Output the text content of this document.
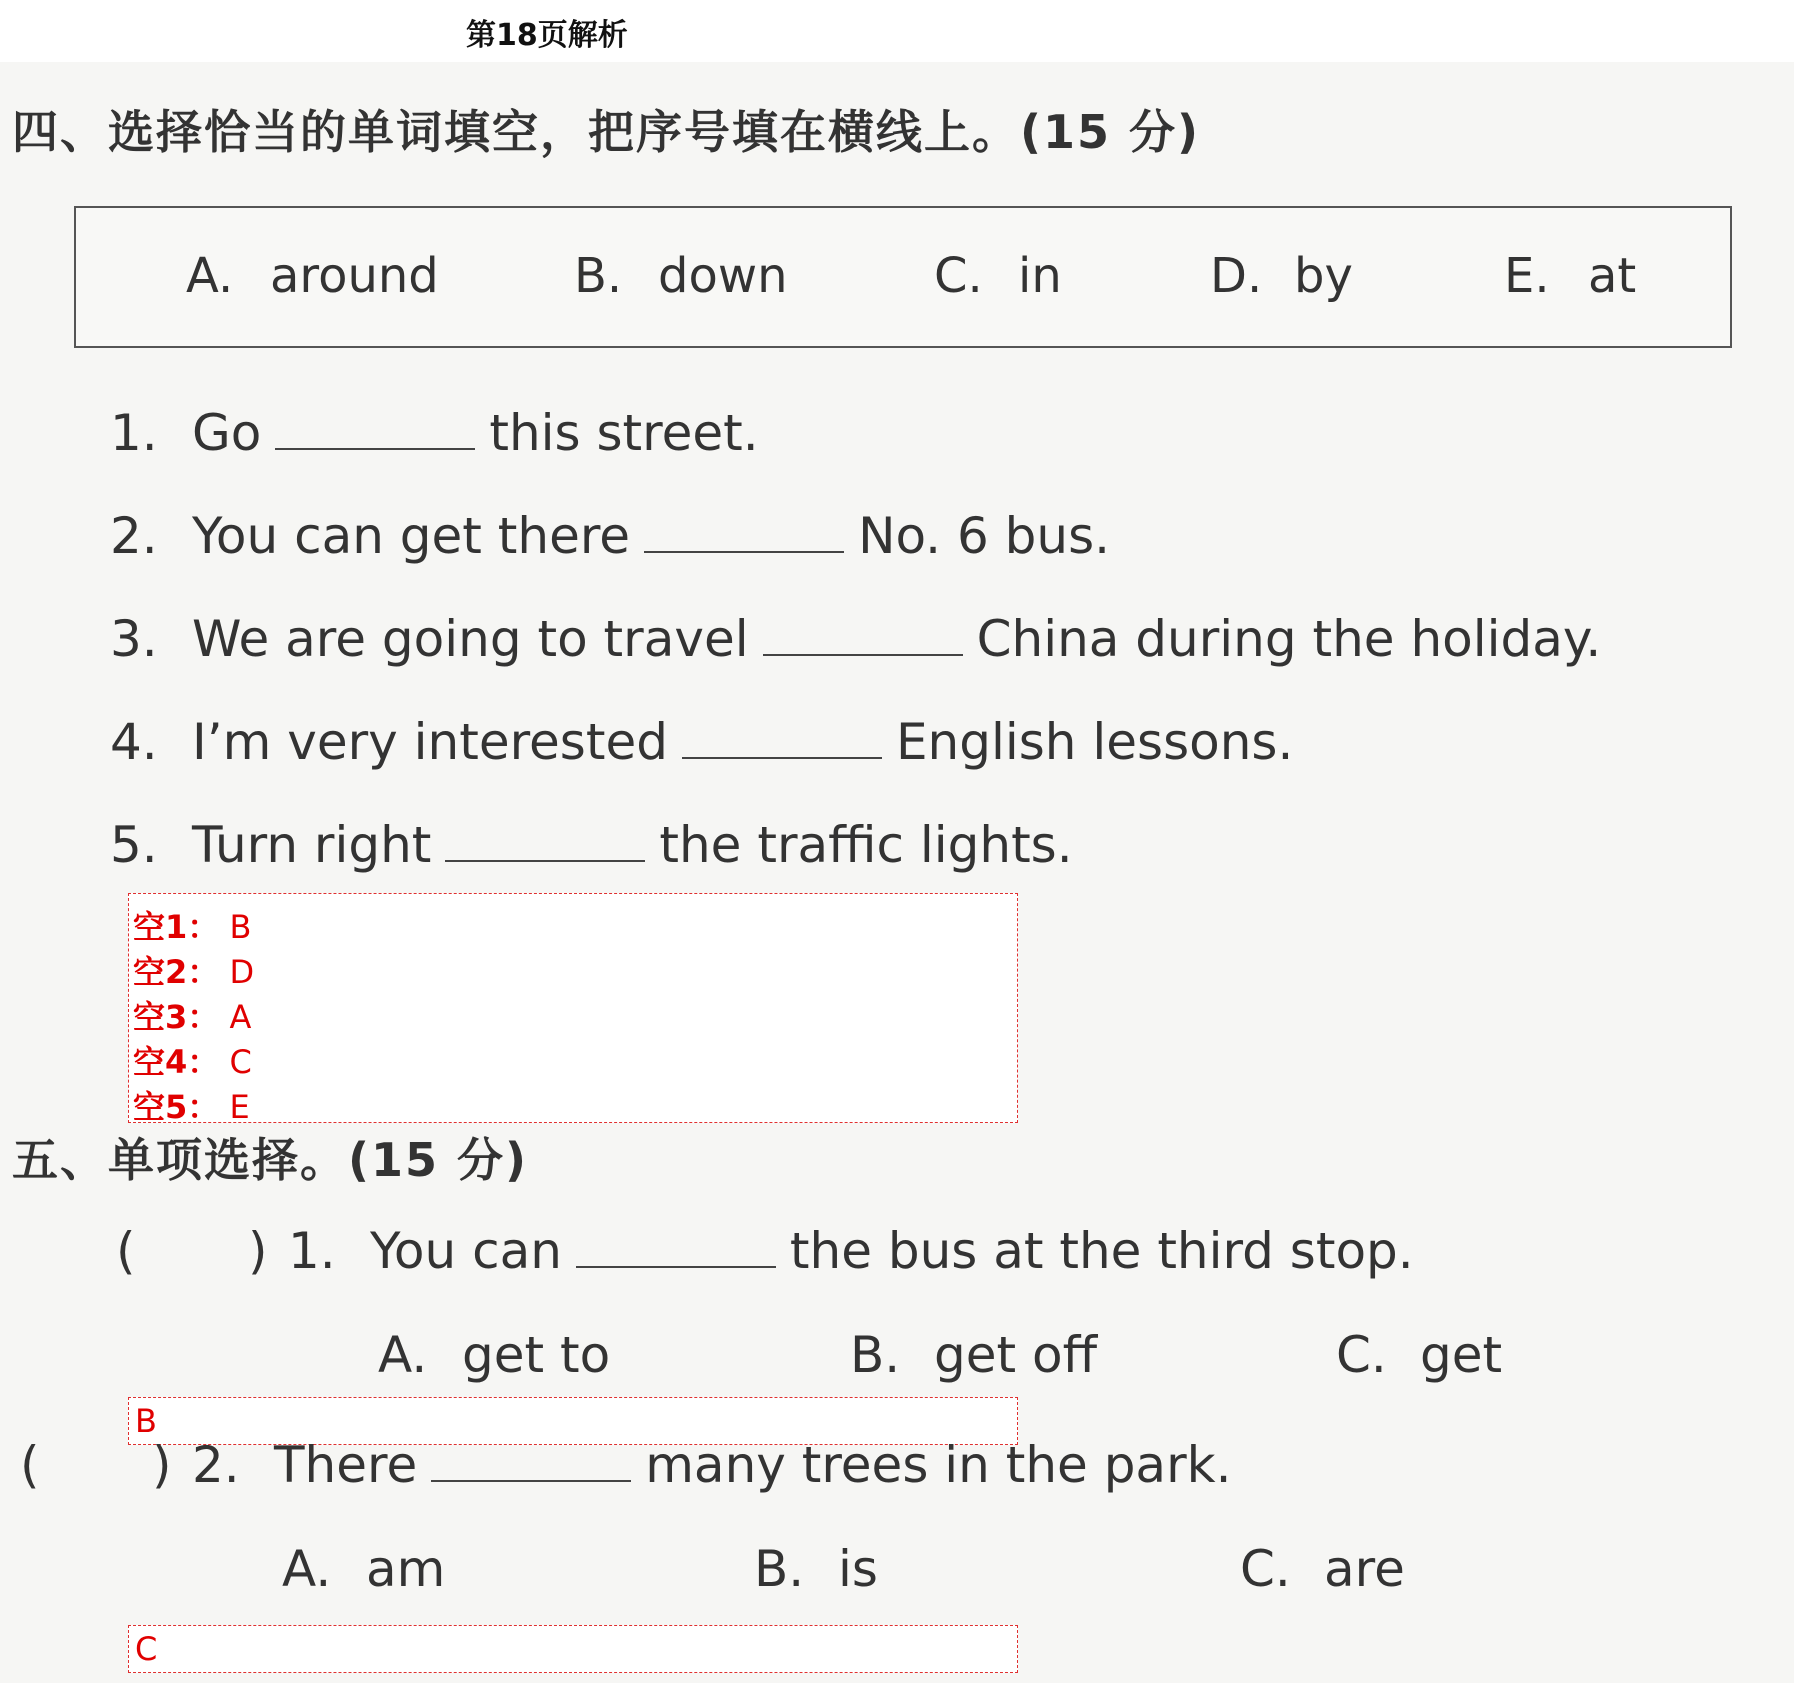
第18页解析
四、选择恰当的单词填空，把序号填在横线上。(15 分)
A. around	B. down	C. in	D. by	E. at
1. Go	this street.
2. You can get there	No. 6 bus.
3. We are going to travel	China during the holiday.
4. I’m very interested	English lessons.
5. Turn right	the traffic lights.
空1： B
空2： D
空3： A
空4： C
空5： E
五、单项选择。(15 分)
(	) 1. You can	the bus at the third stop.
A. get to	B. get off	C. get
B
(	) 2. There	many trees in the park.
A. am	B. is	C. are
C
